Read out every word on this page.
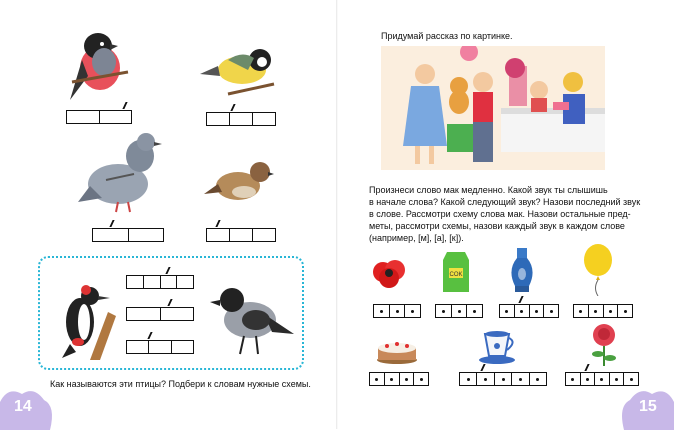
Как называются эти птицы? Подбери к словам нужные схемы.
14
Придумай рассказ по картинке.
Произнеси слово мак медленно. Какой звук ты слышишь
в начале слова? Какой следующий звук? Назови последний звук
в слове. Рассмотри схему слова мак. Назови остальные пред-
меты, рассмотри схемы, назови каждый звук в каждом слове
(например, [м], [а], [к]).
COK
15
